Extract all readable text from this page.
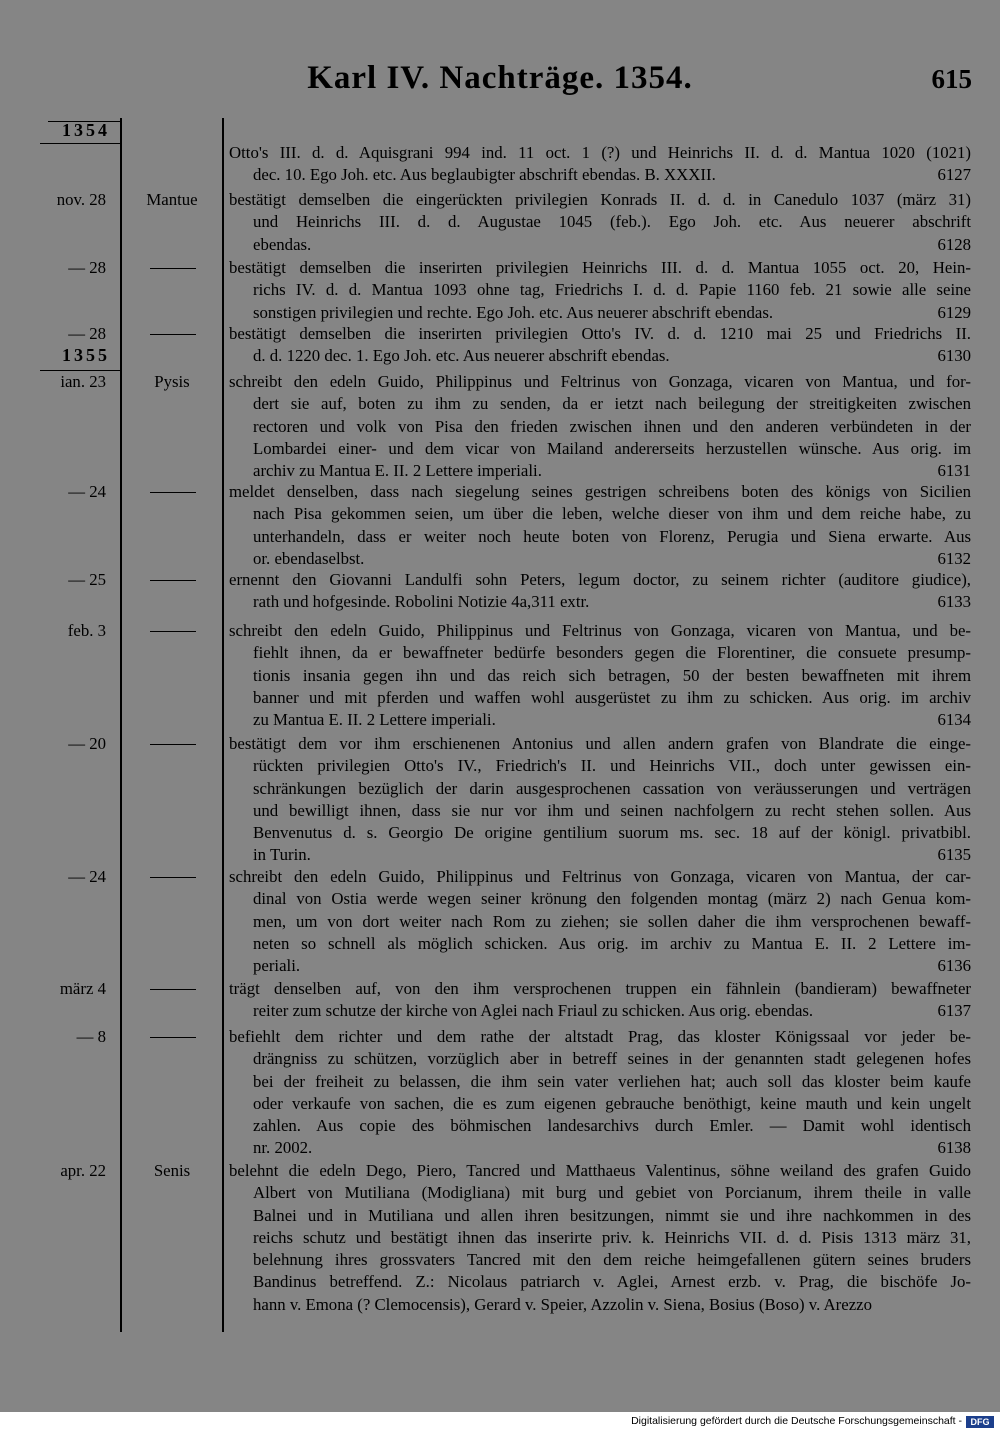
Karl IV. Nachträge. 1354.	615
1354
1355
Otto's III. d. d. Aquisgrani 994 ind. 11 oct. 1 (?) und Heinrichs II. d. d. Mantua 1020 (1021)
dec. 10. Ego Joh. etc. Aus beglaubigter abschrift ebendas. B. XXXII.	6127
nov. 28	Mantue	bestätigt demselben die eingerückten privilegien Konrads II. d. d. in Canedulo 1037 (märz 31)
und Heinrichs III. d. d. Augustae 1045 (feb.). Ego Joh. etc. Aus neuerer abschrift
ebendas.	6128
— 28	bestätigt demselben die inserirten privilegien Heinrichs III. d. d. Mantua 1055 oct. 20, Hein-
richs IV. d. d. Mantua 1093 ohne tag, Friedrichs I. d. d. Papie 1160 feb. 21 sowie alle seine
sonstigen privilegien und rechte. Ego Joh. etc. Aus neuerer abschrift ebendas.	6129
— 28	bestätigt demselben die inserirten privilegien Otto's IV. d. d. 1210 mai 25 und Friedrichs II.
d. d. 1220 dec. 1. Ego Joh. etc. Aus neuerer abschrift ebendas.	6130
ian. 23	Pysis	schreibt den edeln Guido, Philippinus und Feltrinus von Gonzaga, vicaren von Mantua, und for-
dert sie auf, boten zu ihm zu senden, da er ietzt nach beilegung der streitigkeiten zwischen
rectoren und volk von Pisa den frieden zwischen ihnen und den anderen verbündeten in der
Lombardei einer- und dem vicar von Mailand andererseits herzustellen wünsche. Aus orig. im
archiv zu Mantua E. II. 2 Lettere imperiali.	6131
— 24	meldet denselben, dass nach siegelung seines gestrigen schreibens boten des königs von Sicilien
nach Pisa gekommen seien, um über die leben, welche dieser von ihm und dem reiche habe, zu
unterhandeln, dass er weiter noch heute boten von Florenz, Perugia und Siena erwarte. Aus
or. ebendaselbst.	6132
— 25	ernennt den Giovanni Landulfi sohn Peters, legum doctor, zu seinem richter (auditore giudice),
rath und hofgesinde. Robolini Notizie 4a,311 extr.	6133
feb. 3	schreibt den edeln Guido, Philippinus und Feltrinus von Gonzaga, vicaren von Mantua, und be-
fiehlt ihnen, da er bewaffneter bedürfe besonders gegen die Florentiner, die consuete presump-
tionis insania gegen ihn und das reich sich betragen, 50 der besten bewaffneten mit ihrem
banner und mit pferden und waffen wohl ausgerüstet zu ihm zu schicken. Aus orig. im archiv
zu Mantua E. II. 2 Lettere imperiali.	6134
— 20	bestätigt dem vor ihm erschienenen Antonius und allen andern grafen von Blandrate die einge-
rückten privilegien Otto's IV., Friedrich's II. und Heinrichs VII., doch unter gewissen ein-
schränkungen bezüglich der darin ausgesprochenen cassation von veräusserungen und verträgen
und bewilligt ihnen, dass sie nur vor ihm und seinen nachfolgern zu recht stehen sollen. Aus
Benvenutus d. s. Georgio De origine gentilium suorum ms. sec. 18 auf der königl. privatbibl.
in Turin.	6135
— 24	schreibt den edeln Guido, Philippinus und Feltrinus von Gonzaga, vicaren von Mantua, der car-
dinal von Ostia werde wegen seiner krönung den folgenden montag (märz 2) nach Genua kom-
men, um von dort weiter nach Rom zu ziehen; sie sollen daher die ihm versprochenen bewaff-
neten so schnell als möglich schicken. Aus orig. im archiv zu Mantua E. II. 2 Lettere im-
periali.	6136
märz 4	trägt denselben auf, von den ihm versprochenen truppen ein fähnlein (bandieram) bewaffneter
reiter zum schutze der kirche von Aglei nach Friaul zu schicken. Aus orig. ebendas.	6137
— 8	befiehlt dem richter und dem rathe der altstadt Prag, das kloster Königssaal vor jeder be-
drängniss zu schützen, vorzüglich aber in betreff seines in der genannten stadt gelegenen hofes
bei der freiheit zu belassen, die ihm sein vater verliehen hat; auch soll das kloster beim kaufe
oder verkaufe von sachen, die es zum eigenen gebrauche benöthigt, keine mauth und kein ungelt
zahlen. Aus copie des böhmischen landesarchivs durch Emler. — Damit wohl identisch
nr. 2002.	6138
apr. 22	Senis	belehnt die edeln Dego, Piero, Tancred und Matthaeus Valentinus, söhne weiland des grafen Guido
Albert von Mutiliana (Modigliana) mit burg und gebiet von Porcianum, ihrem theile in valle
Balnei und in Mutiliana und allen ihren besitzungen, nimmt sie und ihre nachkommen in des
reichs schutz und bestätigt ihnen das inserirte priv. k. Heinrichs VII. d. d. Pisis 1313 märz 31,
belehnung ihres grossvaters Tancred mit den dem reiche heimgefallenen gütern seines bruders
Bandinus betreffend. Z.: Nicolaus patriarch v. Aglei, Arnest erzb. v. Prag, die bischöfe Jo-
hann v. Emona (? Clemocensis), Gerard v. Speier, Azzolin v. Siena, Bosius (Boso) v. Arezzo
Digitalisierung gefördert durch die Deutsche Forschungsgemeinschaft - DFG
